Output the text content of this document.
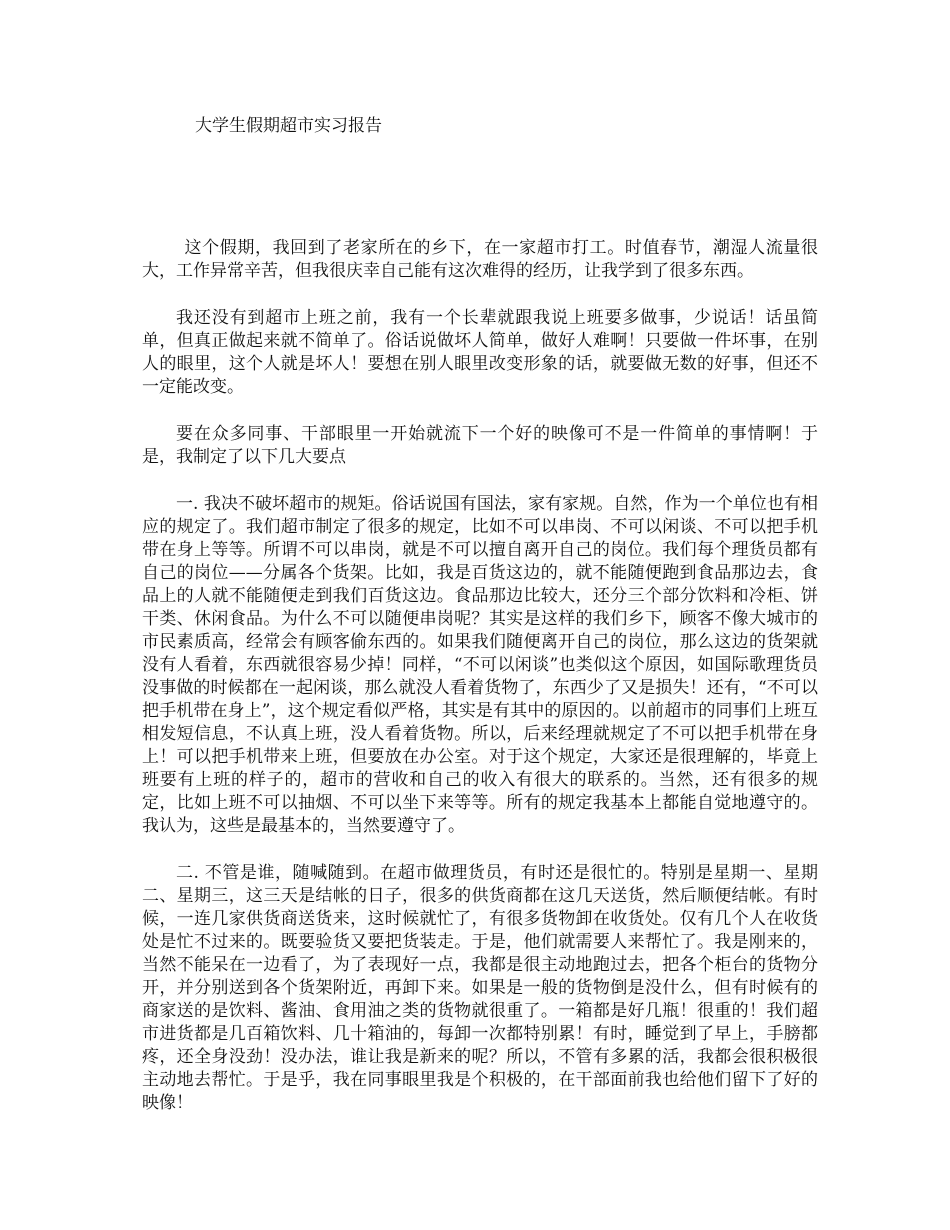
大学生假期超市实习报告

这个假期，我回到了老家所在的乡下，在一家超市打工。时值春节，潮湿人流量很大，工作异常辛苦，但我很庆幸自己能有这次难得的经历，让我学到了很多东西。

我还没有到超市上班之前，我有一个长辈就跟我说上班要多做事，少说话！话虽简单，但真正做起来就不简单了。俗话说做坏人简单，做好人难啊！只要做一件坏事，在别人的眼里，这个人就是坏人！要想在别人眼里改变形象的话，就要做无数的好事，但还不一定能改变。

要在众多同事、干部眼里一开始就流下一个好的映像可不是一件简单的事情啊！于是，我制定了以下几大要点

一. 我决不破坏超市的规矩。俗话说国有国法，家有家规。自然，作为一个单位也有相应的规定了。我们超市制定了很多的规定，比如不可以串岗、不可以闲谈、不可以把手机带在身上等等。所谓不可以串岗，就是不可以擅自离开自己的岗位。我们每个理货员都有自己的岗位——分属各个货架。比如，我是百货这边的，就不能随便跑到食品那边去，食品上的人就不能随便走到我们百货这边。食品那边比较大，还分三个部分饮料和冷柜、饼干类、休闲食品。为什么不可以随便串岗呢？其实是这样的我们乡下，顾客不像大城市的市民素质高，经常会有顾客偷东西的。如果我们随便离开自己的岗位，那么这边的货架就没有人看着，东西就很容易少掉！同样，“不可以闲谈”也类似这个原因，如国际歌理货员没事做的时候都在一起闲谈，那么就没人看着货物了，东西少了又是损失！还有，“不可以把手机带在身上”，这个规定看似严格，其实是有其中的原因的。以前超市的同事们上班互相发短信息，不认真上班，没人看着货物。所以，后来经理就规定了不可以把手机带在身上！可以把手机带来上班，但要放在办公室。对于这个规定，大家还是很理解的，毕竟上班要有上班的样子的，超市的营收和自己的收入有很大的联系的。当然，还有很多的规定，比如上班不可以抽烟、不可以坐下来等等。所有的规定我基本上都能自觉地遵守的。我认为，这些是最基本的，当然要遵守了。

二. 不管是谁，随喊随到。在超市做理货员，有时还是很忙的。特别是星期一、星期二、星期三，这三天是结帐的日子，很多的供货商都在这几天送货，然后顺便结帐。有时候，一连几家供货商送货来，这时候就忙了，有很多货物卸在收货处。仅有几个人在收货处是忙不过来的。既要验货又要把货装走。于是，他们就需要人来帮忙了。我是刚来的，当然不能呆在一边看了，为了表现好一点，我都是很主动地跑过去，把各个柜台的货物分开，并分别送到各个货架附近，再卸下来。如果是一般的货物倒是没什么，但有时候有的商家送的是饮料、酱油、食用油之类的货物就很重了。一箱都是好几瓶！很重的！我们超市进货都是几百箱饮料、几十箱油的，每卸一次都特别累！有时，睡觉到了早上，手膀都疼，还全身没劲！没办法，谁让我是新来的呢？所以，不管有多累的活，我都会很积极很主动地去帮忙。于是乎，我在同事眼里我是个积极的，在干部面前我也给他们留下了好的映像！
